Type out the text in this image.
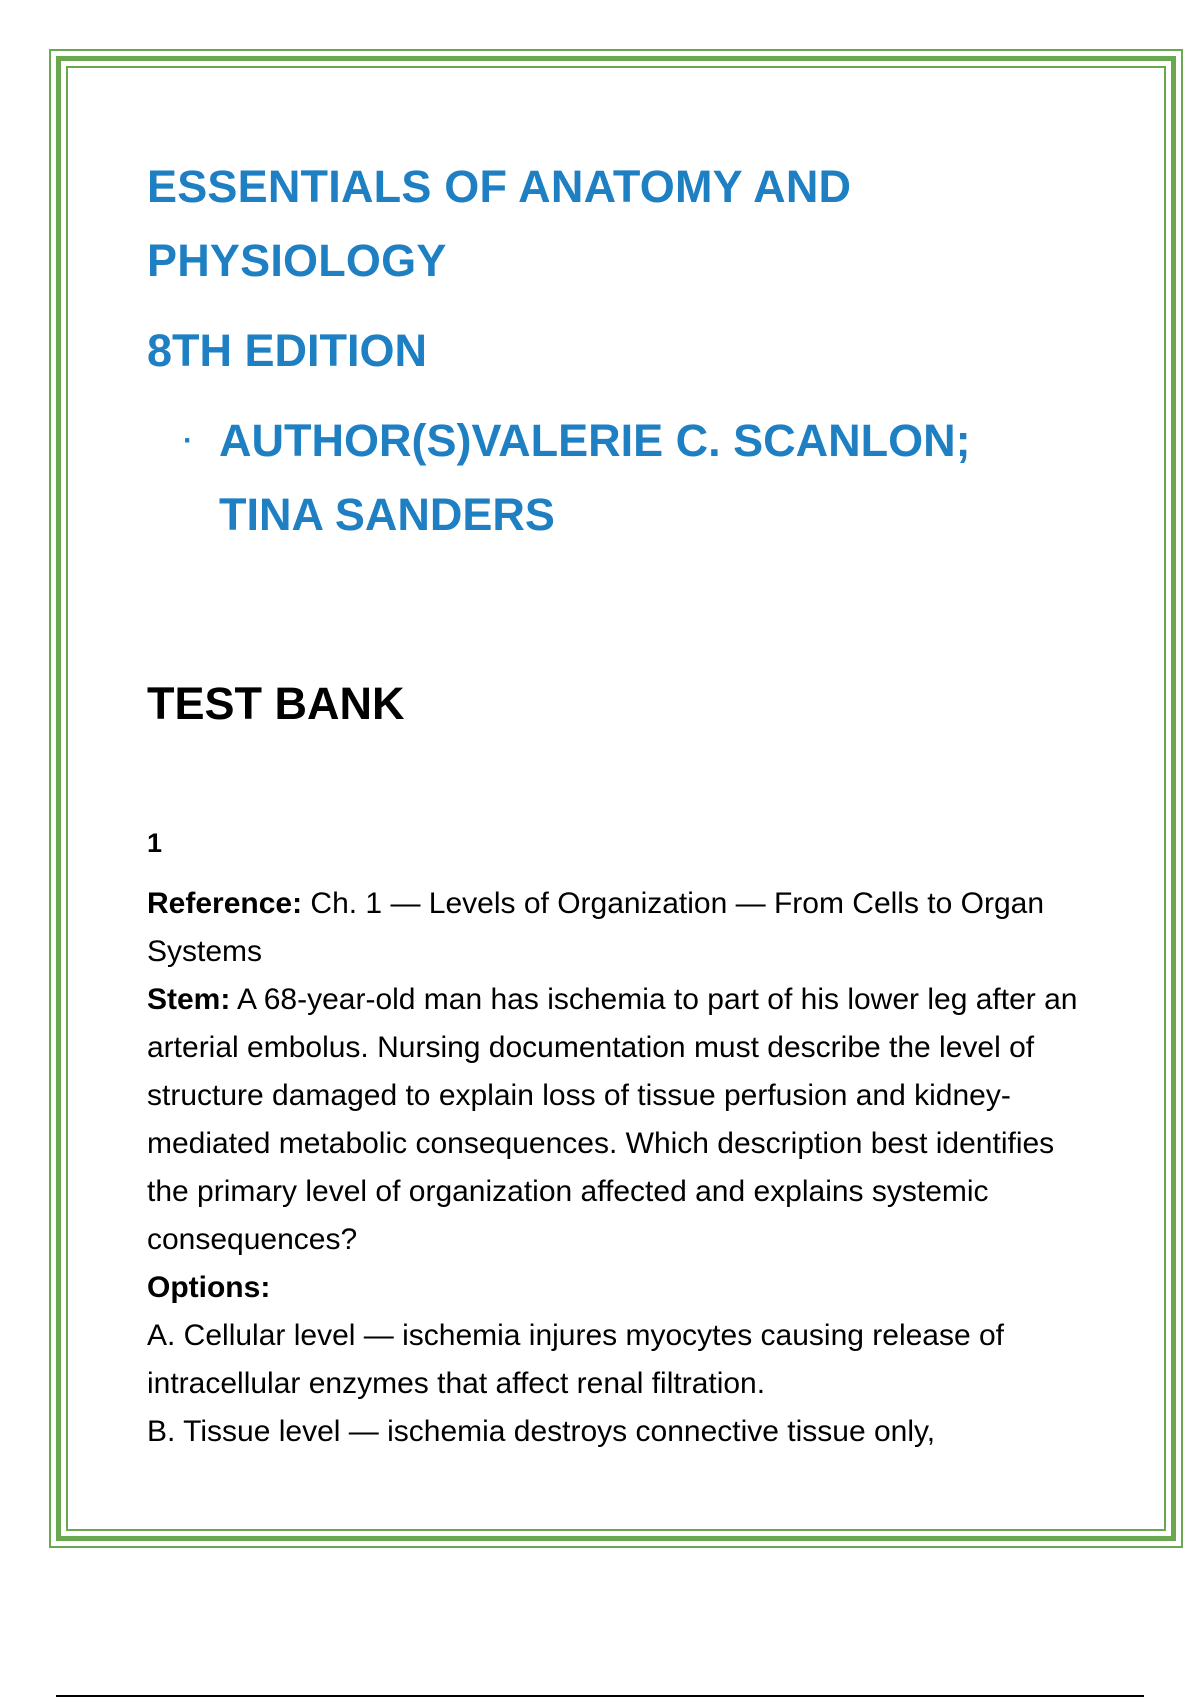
ESSENTIALS OF ANATOMY AND
PHYSIOLOGY
8TH EDITION
· AUTHOR(S)VALERIE C. SCANLON;
TINA SANDERS
TEST BANK
1

Reference: Ch. 1 — Levels of Organization — From Cells to Organ Systems

Stem: A 68-year-old man has ischemia to part of his lower leg after an arterial embolus. Nursing documentation must describe the level of structure damaged to explain loss of tissue perfusion and kidney-mediated metabolic consequences. Which description best identifies the primary level of organization affected and explains systemic consequences?

Options:

A. Cellular level — ischemia injures myocytes causing release of intracellular enzymes that affect renal filtration.

B. Tissue level — ischemia destroys connective tissue only,
